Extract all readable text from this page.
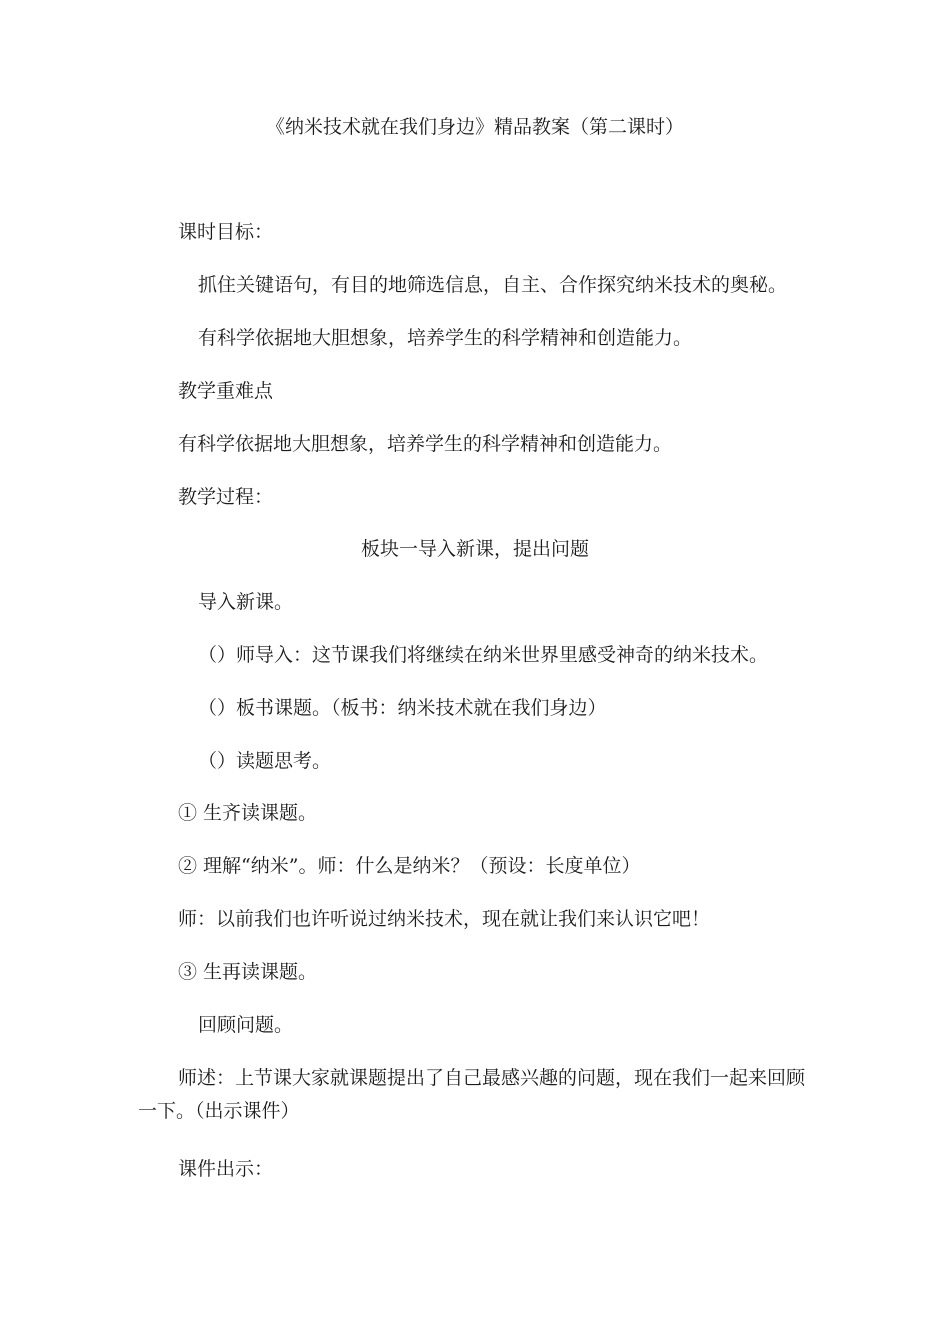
《纳米技术就在我们身边》精品教案（第二课时）
课时目标：
抓住关键语句，有目的地筛选信息，自主、合作探究纳米技术的奥秘。
有科学依据地大胆想象，培养学生的科学精神和创造能力。
教学重难点
有科学依据地大胆想象，培养学生的科学精神和创造能力。
教学过程：
板块一导入新课，提出问题
导入新课。
（）师导入：这节课我们将继续在纳米世界里感受神奇的纳米技术。
（）板书课题。（板书：纳米技术就在我们身边）
（）读题思考。
① 生齐读课题。
② 理解“纳米”。师：什么是纳米？（预设：长度单位）
师：以前我们也许听说过纳米技术，现在就让我们来认识它吧！
③ 生再读课题。
回顾问题。
师述：上节课大家就课题提出了自己最感兴趣的问题，现在我们一起来回顾一下。（出示课件）
课件出示：
